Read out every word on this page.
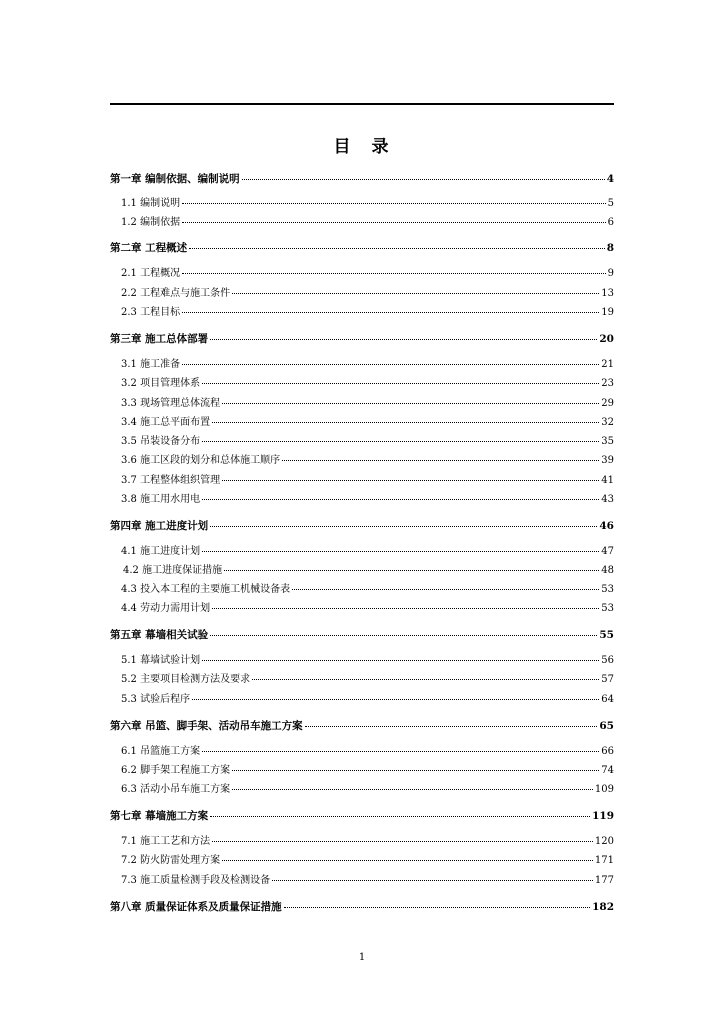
目　录
第一章 编制依据、编制说明	4
1.1 编制说明	5
1.2 编制依据	6
第二章 工程概述	8
2.1 工程概况	9
2.2 工程难点与施工条件	13
2.3 工程目标	19
第三章 施工总体部署	20
3.1 施工准备	21
3.2 项目管理体系	23
3.3 现场管理总体流程	29
3.4 施工总平面布置	32
3.5 吊装设备分布	35
3.6 施工区段的划分和总体施工顺序	39
3.7 工程整体组织管理	41
3.8 施工用水用电	43
第四章 施工进度计划	46
4.1 施工进度计划	47
4.2 施工进度保证措施	48
4.3 投入本工程的主要施工机械设备表	53
4.4 劳动力需用计划	53
第五章 幕墙相关试验	55
5.1 幕墙试验计划	56
5.2 主要项目检测方法及要求	57
5.3 试验后程序	64
第六章 吊篮、脚手架、活动吊车施工方案	65
6.1 吊篮施工方案	66
6.2 脚手架工程施工方案	74
6.3 活动小吊车施工方案	109
第七章 幕墙施工方案	119
7.1 施工工艺和方法	120
7.2 防火防雷处理方案	171
7.3 施工质量检测手段及检测设备	177
第八章 质量保证体系及质量保证措施	182
1
